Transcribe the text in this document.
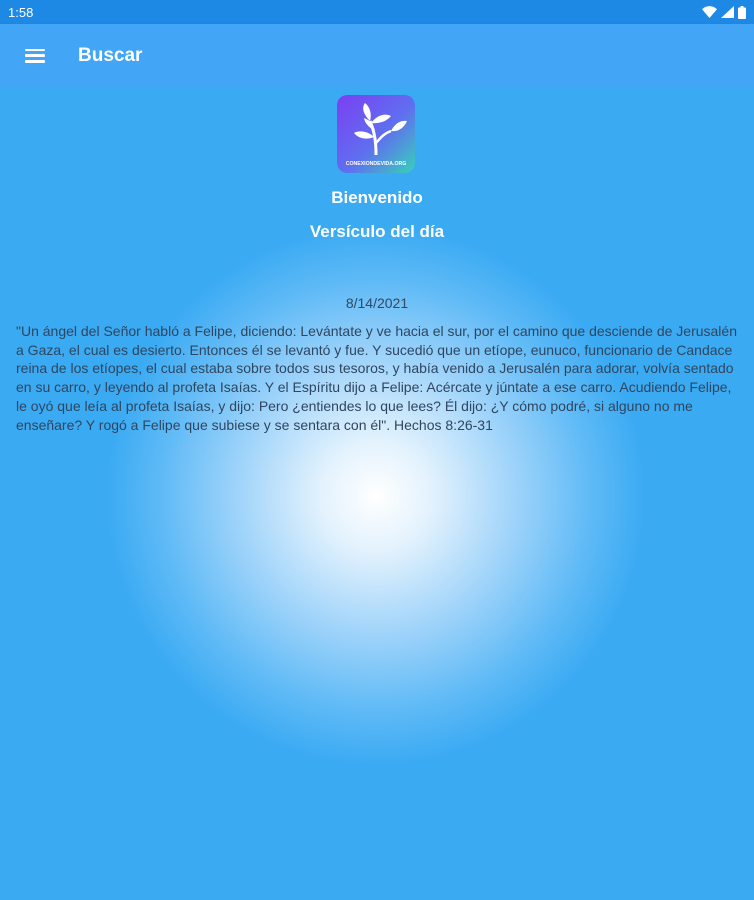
1:58
Buscar
CONEXIONDEVIDA.ORG
Bienvenido
Versículo del día
8/14/2021
"Un ángel del Señor habló a Felipe, diciendo: Levántate y ve hacia el sur, por el camino que desciende de Jerusalén a Gaza, el cual es desierto. Entonces él se levantó y fue. Y sucedió que un etíope, eunuco, funcionario de Candace reina de los etíopes, el cual estaba sobre todos sus tesoros, y había venido a Jerusalén para adorar, volvía sentado en su carro, y leyendo al profeta Isaías. Y el Espíritu dijo a Felipe: Acércate y júntate a ese carro. Acudiendo Felipe, le oyó que leía al profeta Isaías, y dijo: Pero ¿entiendes lo que lees? Él dijo: ¿Y cómo podré, si alguno no me enseñare? Y rogó a Felipe que subiese y se sentara con él". Hechos 8:26-31
